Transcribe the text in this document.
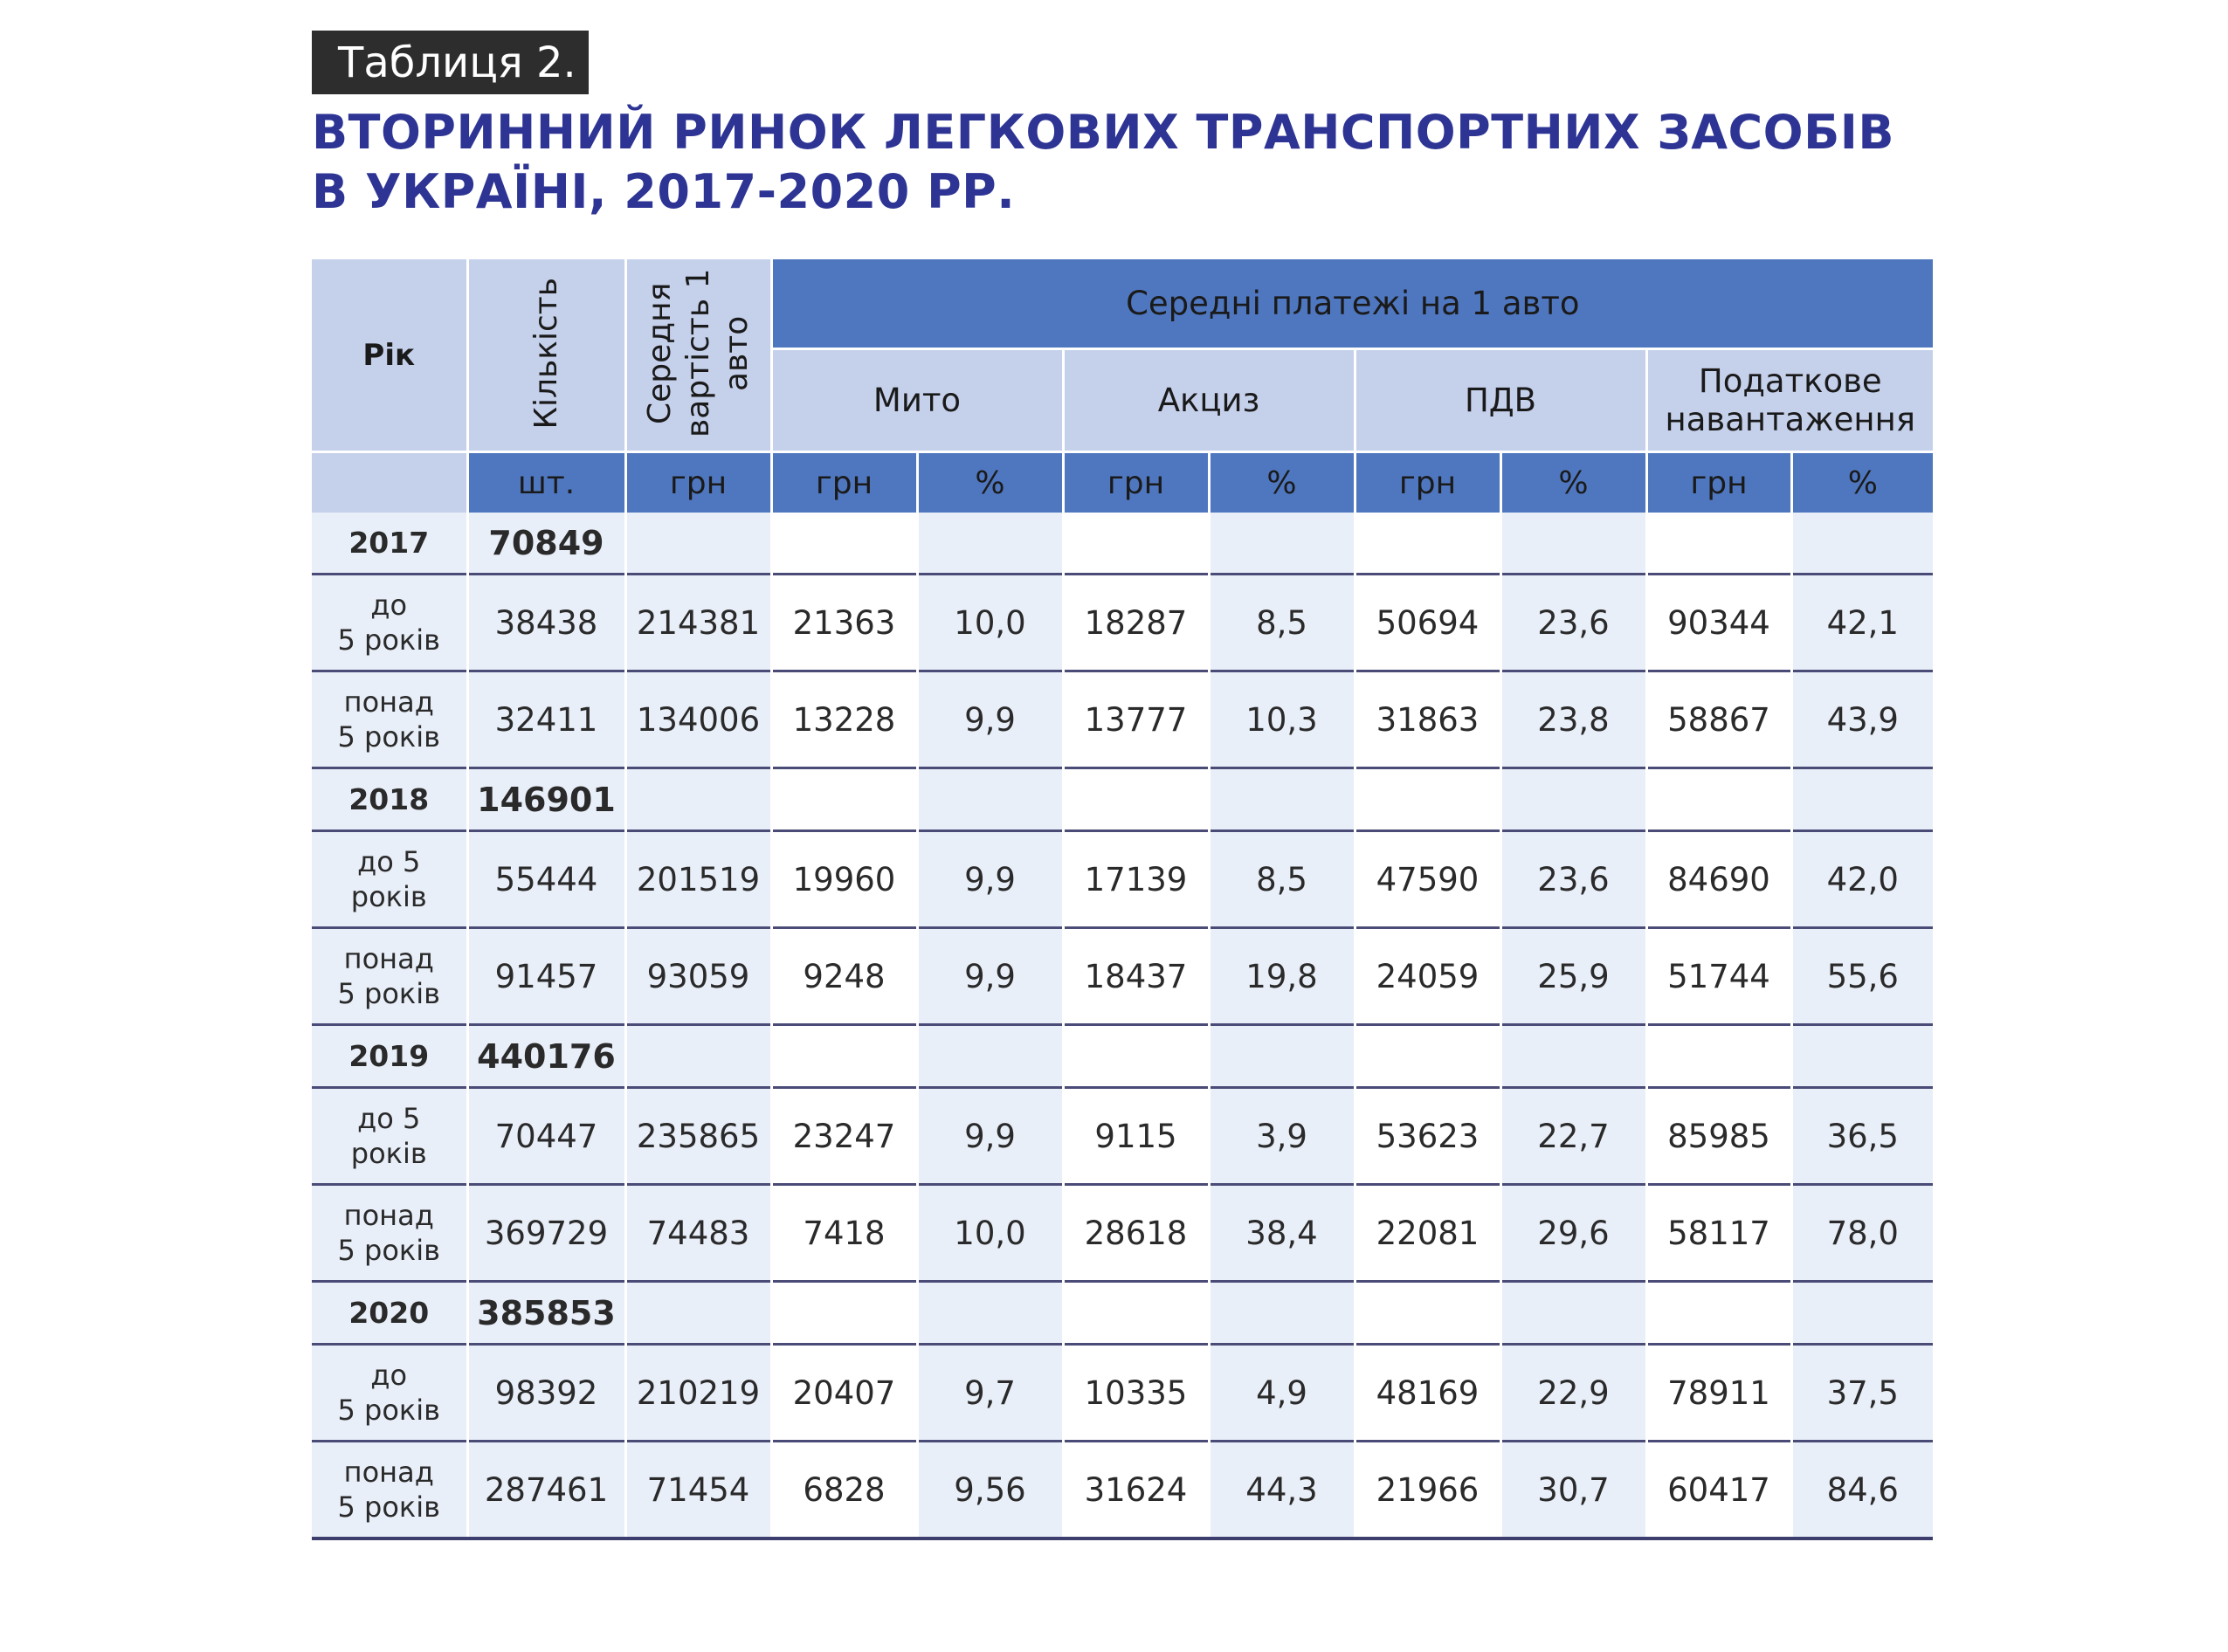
Таблиця 2.
ВТОРИННИЙ РИНОК ЛЕГКОВИХ ТРАНСПОРТНИХ ЗАСОБІВ
В УКРАЇНІ, 2017-2020 РР.
Рік	Кількість	Середня вартість 1 авто	Середні платежі на 1 авто							
			Мито		Акциз		ПДВ		Податкове навантаження	
	шт.	грн	грн	%	грн	%	грн	%	грн	%
2017	70849									
до
5 років	38438	214381	21363	10,0	18287	8,5	50694	23,6	90344	42,1
понад
5 років	32411	134006	13228	9,9	13777	10,3	31863	23,8	58867	43,9
2018	146901									
до 5
років	55444	201519	19960	9,9	17139	8,5	47590	23,6	84690	42,0
понад
5 років	91457	93059	9248	9,9	18437	19,8	24059	25,9	51744	55,6
2019	440176									
до 5
років	70447	235865	23247	9,9	9115	3,9	53623	22,7	85985	36,5
понад
5 років	369729	74483	7418	10,0	28618	38,4	22081	29,6	58117	78,0
2020	385853									
до
5 років	98392	210219	20407	9,7	10335	4,9	48169	22,9	78911	37,5
понад
5 років	287461	71454	6828	9,56	31624	44,3	21966	30,7	60417	84,6
